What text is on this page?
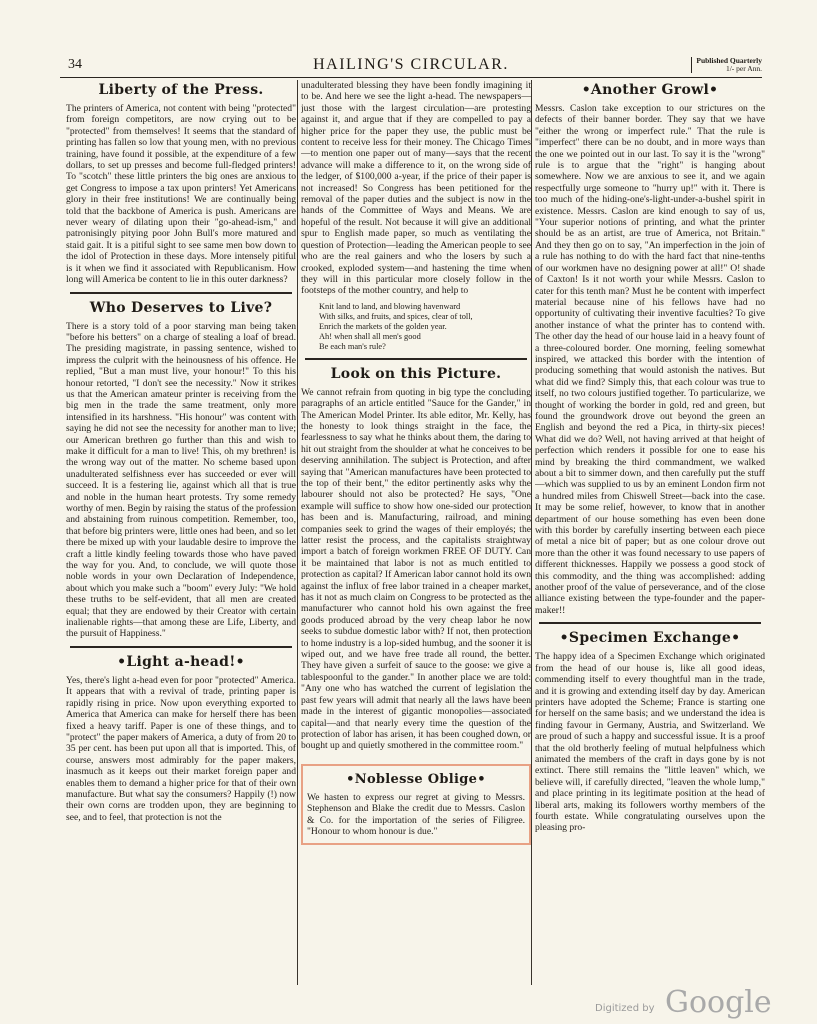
34	HAILING'S CIRCULAR.	Published Quarterly
1/- per Ann.
Liberty of the Press.

The printers of America, not content with being "protected" from foreign competitors, are now crying out to be "protected" from themselves! It seems that the standard of printing has fallen so low that young men, with no previous training, have found it possible, at the expenditure of a few dollars, to set up presses and become full-fledged printers! To "scotch" these little printers the big ones are anxious to get Congress to impose a tax upon printers! Yet Americans glory in their free institutions! We are continually being told that the backbone of America is push. Americans are never weary of dilating upon their "go-ahead-ism," and patronisingly pitying poor John Bull's more matured and staid gait. It is a pitiful sight to see same men bow down to the idol of Protection in these days. More intensely pitiful is it when we find it associated with Republicanism. How long will America be content to lie in this outer darkness?

Who Deserves to Live?

There is a story told of a poor starving man being taken "before his betters" on a charge of stealing a loaf of bread. The presiding magistrate, in passing sentence, wished to impress the culprit with the heinousness of his offence. He replied, "But a man must live, your honour!" To this his honour retorted, "I don't see the necessity." Now it strikes us that the American amateur printer is receiving from the big men in the trade the same treatment, only more intensified in its harshness. "His honour" was content with saying he did not see the necessity for another man to live; our American brethren go further than this and wish to make it difficult for a man to live! This, oh my brethren! is the wrong way out of the matter. No scheme based upon unadulterated selfishness ever has succeeded or ever will succeed. It is a festering lie, against which all that is true and noble in the human heart protests. Try some remedy worthy of men. Begin by raising the status of the profession and abstaining from ruinous competition. Remember, too, that before big printers were, little ones had been, and so let there be mixed up with your laudable desire to improve the craft a little kindly feeling towards those who have paved the way for you. And, to conclude, we will quote those noble words in your own Declaration of Independence, about which you make such a "boom" every July: "We hold these truths to be self-evident, that all men are created equal; that they are endowed by their Creator with certain inalienable rights—that among these are Life, Liberty, and the pursuit of Happiness."

•Light a-head!•

Yes, there's light a-head even for poor "protected" America. It appears that with a revival of trade, printing paper is rapidly rising in price. Now upon everything exported to America that America can make for herself there has been fixed a heavy tariff. Paper is one of these things, and to "protect" the paper makers of America, a duty of from 20 to 35 per cent. has been put upon all that is imported. This, of course, answers most admirably for the paper makers, inasmuch as it keeps out their market foreign paper and enables them to demand a higher price for that of their own manufacture. But what say the consumers? Happily (!) now their own corns are trodden upon, they are beginning to see, and to feel, that protection is not the

unadulterated blessing they have been fondly imagining it to be. And here we see the light a-head. The newspapers—just those with the largest circulation—are protesting against it, and argue that if they are compelled to pay a higher price for the paper they use, the public must be content to receive less for their money. The Chicago Times—to mention one paper out of many—says that the recent advance will make a difference to it, on the wrong side of the ledger, of $100,000 a-year, if the price of their paper is not increased! So Congress has been petitioned for the removal of the paper duties and the subject is now in the hands of the Committee of Ways and Means. We are hopeful of the result. Not because it will give an additional spur to English made paper, so much as ventilating the question of Protection—leading the American people to see who are the real gainers and who the losers by such a crooked, exploded system—and hastening the time when they will in this particular more closely follow in the footsteps of the mother country, and help to

Knit land to land, and blowing havenward
With silks, and fruits, and spices, clear of toll,
Enrich the markets of the golden year.
Ah! when shall all men's good
Be each man's rule?
Look on this Picture.

We cannot refrain from quoting in big type the concluding paragraphs of an article entitled "Sauce for the Gander," in The American Model Printer. Its able editor, Mr. Kelly, has the honesty to look things straight in the face, the fearlessness to say what he thinks about them, the daring to hit out straight from the shoulder at what he conceives to be deserving annihilation. The subject is Protection, and after saying that "American manufactures have been protected to the top of their bent," the editor pertinently asks why the labourer should not also be protected? He says, "One example will suffice to show how one-sided our protection has been and is. Manufacturing, railroad, and mining companies seek to grind the wages of their employés; the latter resist the process, and the capitalists straightway import a batch of foreign workmen FREE OF DUTY. Can it be maintained that labor is not as much entitled to protection as capital? If American labor cannot hold its own against the influx of free labor trained in a cheaper market, has it not as much claim on Congress to be protected as the manufacturer who cannot hold his own against the free goods produced abroad by the very cheap labor he now seeks to subdue domestic labor with? If not, then protection to home industry is a lop-sided humbug, and the sooner it is wiped out, and we have free trade all round, the better. They have given a surfeit of sauce to the goose: we give a tablespoonful to the gander." In another place we are told: "Any one who has watched the current of legislation the past few years will admit that nearly all the laws have been made in the interest of gigantic monopolies—associated capital—and that nearly every time the question of the protection of labor has arisen, it has been coughed down, or bought up and quietly smothered in the committee room."

•Noblesse Oblige•

We hasten to express our regret at giving to Messrs. Stephenson and Blake the credit due to Messrs. Caslon & Co. for the importation of the series of Filigree. "Honour to whom honour is due."

•Another Growl•

Messrs. Caslon take exception to our strictures on the defects of their banner border. They say that we have "either the wrong or imperfect rule." That the rule is "imperfect" there can be no doubt, and in more ways than the one we pointed out in our last. To say it is the "wrong" rule is to argue that the "right" is hanging about somewhere. Now we are anxious to see it, and we again respectfully urge someone to "hurry up!" with it. There is too much of the hiding-one's-light-under-a-bushel spirit in existence. Messrs. Caslon are kind enough to say of us, "Your superior notions of printing, and what the printer should be as an artist, are true of America, not Britain." And they then go on to say, "An imperfection in the join of a rule has nothing to do with the hard fact that nine-tenths of our workmen have no designing power at all!" O! shade of Caxton! Is it not worth your while Messrs. Caslon to cater for this tenth man? Must he be content with imperfect material because nine of his fellows have had no opportunity of cultivating their inventive faculties? To give another instance of what the printer has to contend with. The other day the head of our house laid in a heavy fount of a three-coloured border. One morning, feeling somewhat inspired, we attacked this border with the intention of producing something that would astonish the natives. But what did we find? Simply this, that each colour was true to itself, no two colours justified together. To particularize, we thought of working the border in gold, red and green, but found the groundwork drove out beyond the green an English and beyond the red a Pica, in thirty-six pieces! What did we do? Well, not having arrived at that height of perfection which renders it possible for one to ease his mind by breaking the third commandment, we walked about a bit to simmer down, and then carefully put the stuff—which was supplied to us by an eminent London firm not a hundred miles from Chiswell Street—back into the case. It may be some relief, however, to know that in another department of our house something has even been done with this border by carefully inserting between each piece of metal a nice bit of paper; but as one colour drove out more than the other it was found necessary to use papers of different thicknesses. Happily we possess a good stock of this commodity, and the thing was accomplished: adding another proof of the value of perseverance, and of the close alliance existing between the type-founder and the paper-maker!!

•Specimen Exchange•

The happy idea of a Specimen Exchange which originated from the head of our house is, like all good ideas, commending itself to every thoughtful man in the trade, and it is growing and extending itself day by day. American printers have adopted the Scheme; France is starting one for herself on the same basis; and we understand the idea is finding favour in Germany, Austria, and Switzerland. We are proud of such a happy and successful issue. It is a proof that the old brotherly feeling of mutual helpfulness which animated the members of the craft in days gone by is not extinct. There still remains the "little leaven" which, we believe will, if carefully directed, "leaven the whole lump," and place printing in its legitimate position at the head of liberal arts, making its followers worthy members of the fourth estate. While congratulating ourselves upon the pleasing pro-

Digitized by Google
